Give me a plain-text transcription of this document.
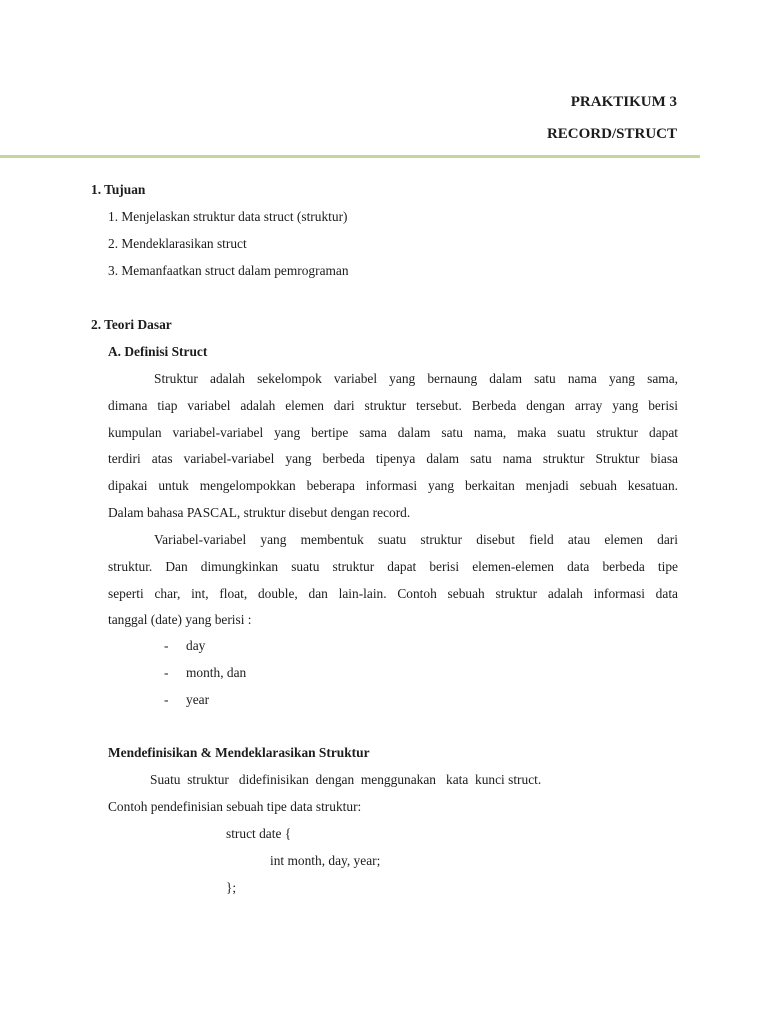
PRAKTIKUM 3
RECORD/STRUCT
1. Tujuan
1. Menjelaskan struktur data struct (struktur)
2. Mendeklarasikan struct
3. Memanfaatkan struct dalam pemrograman
2. Teori Dasar
A. Definisi Struct
Struktur adalah sekelompok variabel yang bernaung dalam satu nama yang sama,
dimana tiap variabel adalah elemen dari struktur tersebut. Berbeda dengan array yang berisi
kumpulan variabel-variabel yang bertipe sama dalam satu nama, maka suatu struktur dapat
terdiri atas variabel-variabel yang berbeda tipenya dalam satu nama struktur Struktur biasa
dipakai untuk mengelompokkan beberapa informasi yang berkaitan menjadi sebuah kesatuan.
Dalam bahasa PASCAL, struktur disebut dengan record.
Variabel-variabel yang membentuk suatu struktur disebut field atau elemen dari
struktur. Dan dimungkinkan suatu struktur dapat berisi elemen-elemen data berbeda tipe
seperti char, int, float, double, dan lain-lain. Contoh sebuah struktur adalah informasi data
tanggal (date) yang berisi :
- day
- month, dan
- year
Mendefinisikan & Mendeklarasikan Struktur
Suatu  struktur   didefinisikan  dengan  menggunakan   kata  kunci struct.
Contoh pendefinisian sebuah tipe data struktur:
struct date {
int month, day, year;
};
